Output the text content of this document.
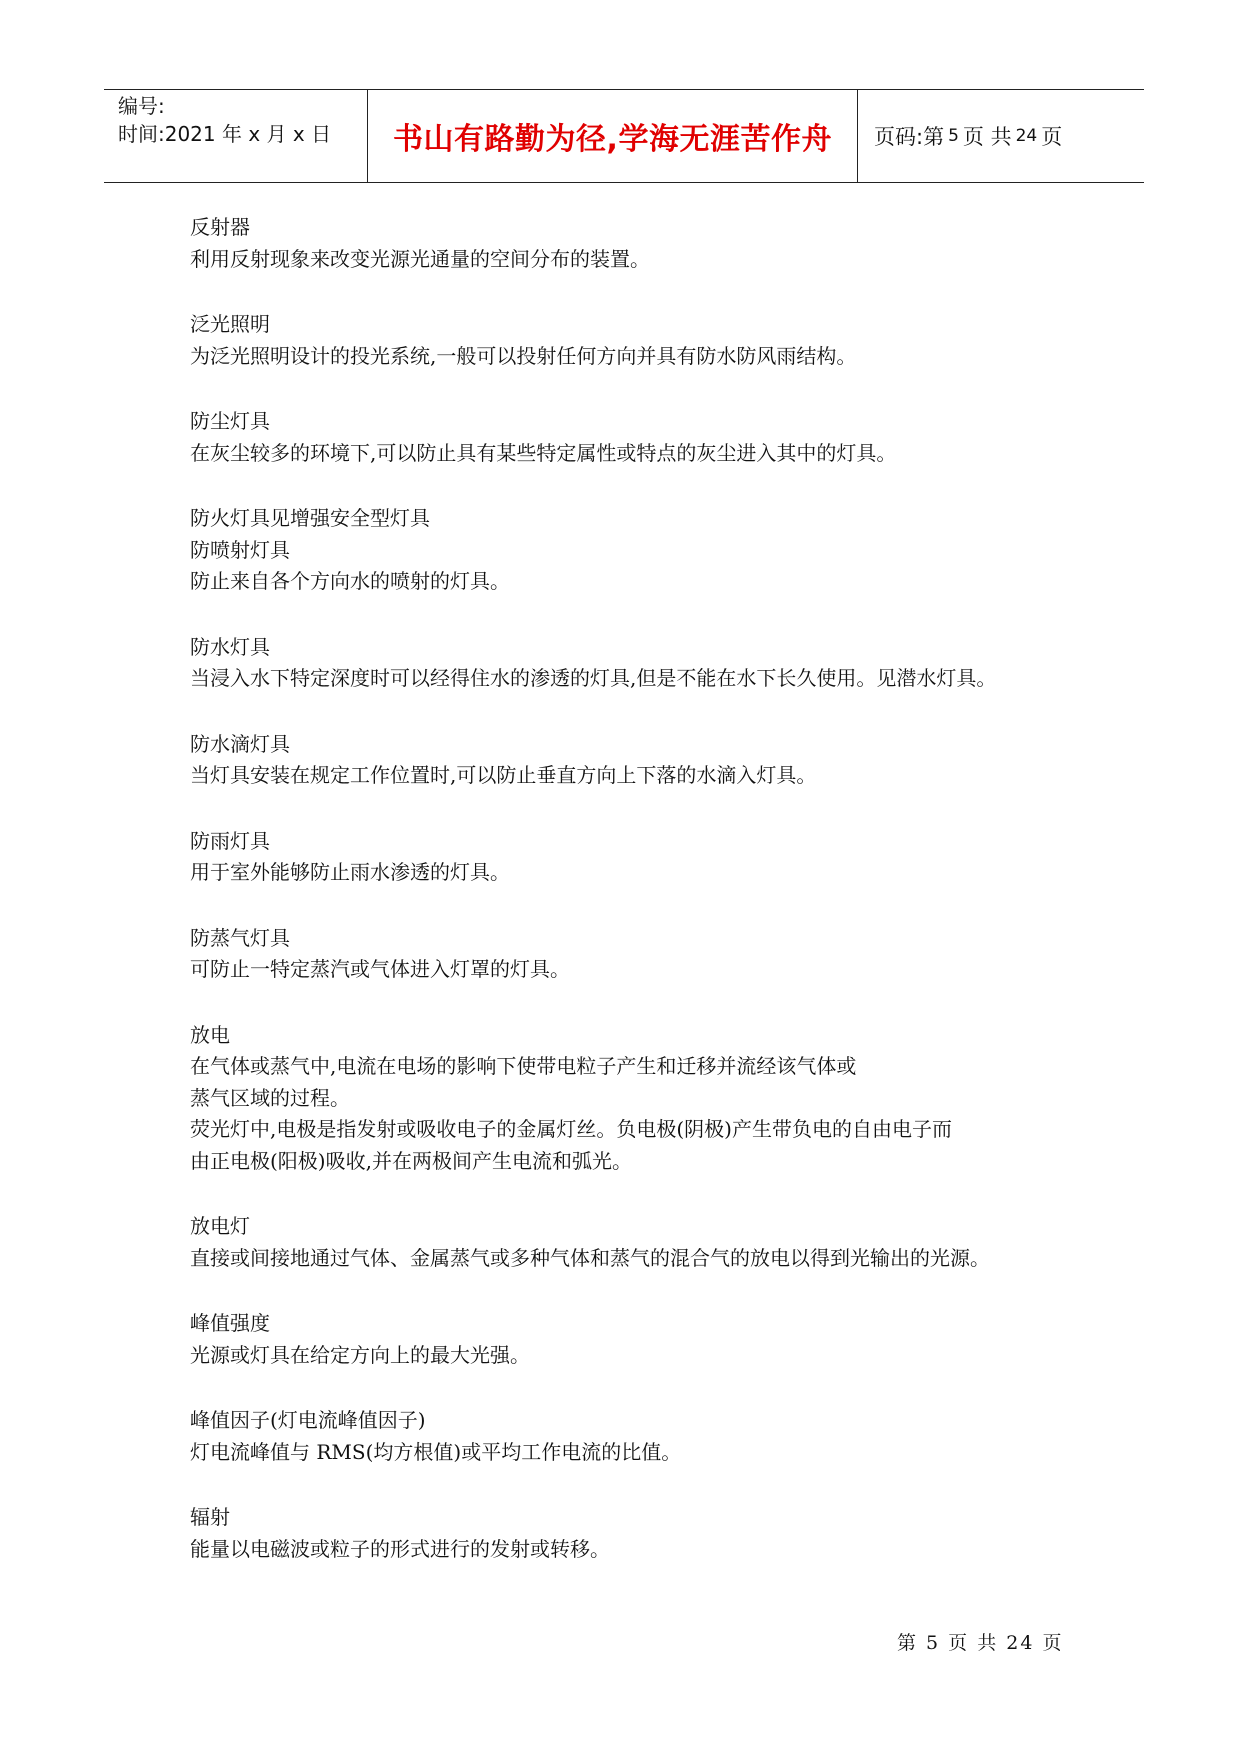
编号:
时间:2021 年 x 月 x 日	书山有路勤为径,学海无涯苦作舟	页码:第 5 页 共 24 页

反射器

利用反射现象来改变光源光通量的空间分布的装置。

泛光照明

为泛光照明设计的投光系统,一般可以投射任何方向并具有防水防风雨结构。

防尘灯具

在灰尘较多的环境下,可以防止具有某些特定属性或特点的灰尘进入其中的灯具。

防火灯具见增强安全型灯具

防喷射灯具

防止来自各个方向水的喷射的灯具。

防水灯具

当浸入水下特定深度时可以经得住水的渗透的灯具,但是不能在水下长久使用。见潜水灯具。

防水滴灯具

当灯具安装在规定工作位置时,可以防止垂直方向上下落的水滴入灯具。

防雨灯具

用于室外能够防止雨水渗透的灯具。

防蒸气灯具

可防止一特定蒸汽或气体进入灯罩的灯具。

放电

在气体或蒸气中,电流在电场的影响下使带电粒子产生和迁移并流经该气体或

蒸气区域的过程。

荧光灯中,电极是指发射或吸收电子的金属灯丝。负电极(阴极)产生带负电的自由电子而

由正电极(阳极)吸收,并在两极间产生电流和弧光。

放电灯

直接或间接地通过气体、金属蒸气或多种气体和蒸气的混合气的放电以得到光输出的光源。

峰值强度

光源或灯具在给定方向上的最大光强。

峰值因子(灯电流峰值因子)

灯电流峰值与 RMS(均方根值)或平均工作电流的比值。

辐射

能量以电磁波或粒子的形式进行的发射或转移。

第 5 页 共 24 页
